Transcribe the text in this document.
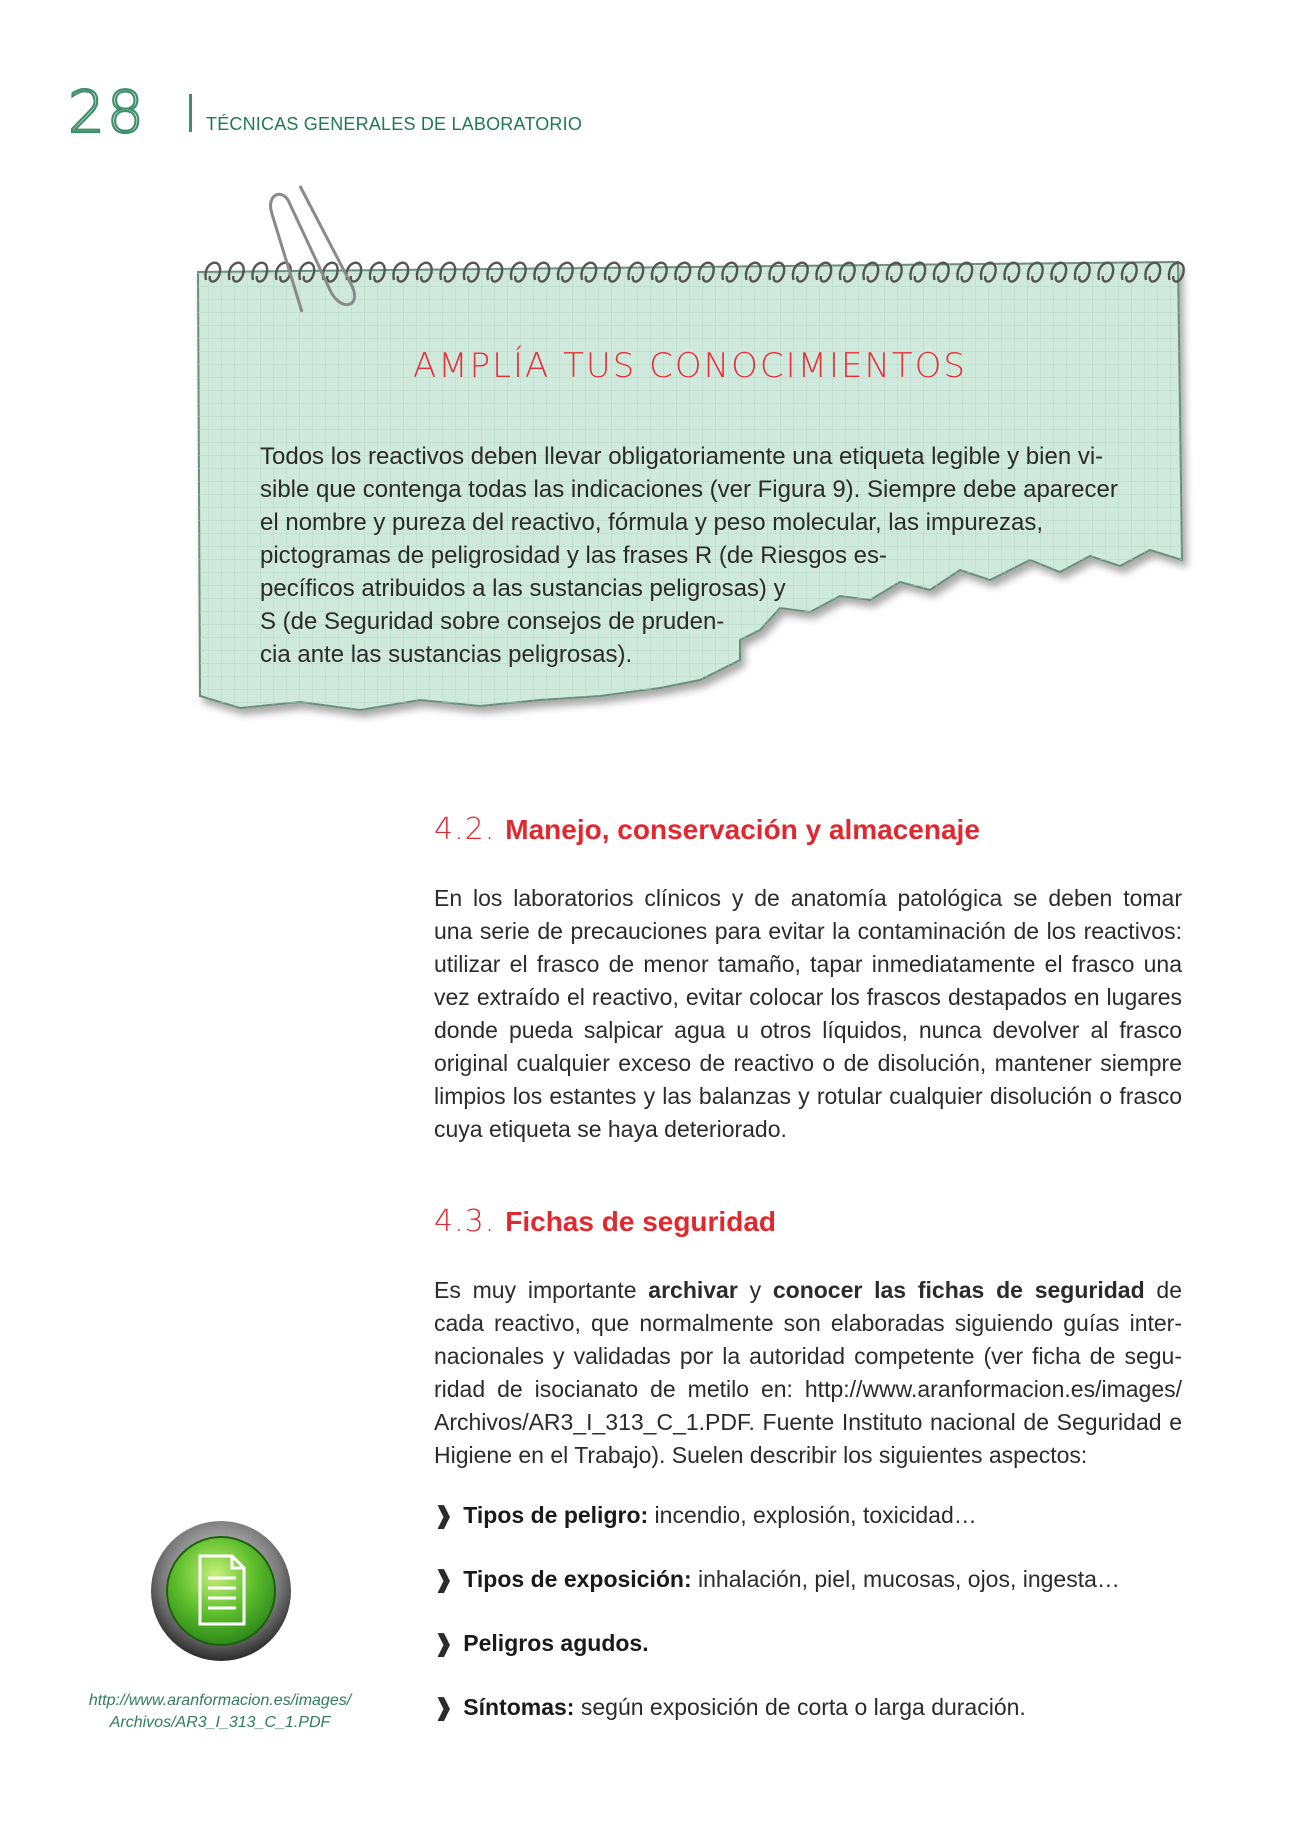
28	TÉCNICAS GENERALES DE LABORATORIO
AMPLÍA TUS CONOCIMIENTOS
Todos los reactivos deben llevar obligatoriamente una etiqueta legible y bien vi-
sible que contenga todas las indicaciones (ver Figura 9). Siempre debe aparecer
el nombre y pureza del reactivo, fórmula y peso molecular, las impurezas,
pictogramas de peligrosidad y las frases R (de Riesgos es-
pecíficos atribuidos a las sustancias peligrosas) y
S (de Seguridad sobre consejos de pruden-
cia ante las sustancias peligrosas).
4.2. Manejo, conservación y almacenaje
En los laboratorios clínicos y de anatomía patológica se deben tomar
una serie de precauciones para evitar la contaminación de los reactivos:
utilizar el frasco de menor tamaño, tapar inmediatamente el frasco una
vez extraído el reactivo, evitar colocar los frascos destapados en lugares
donde pueda salpicar agua u otros líquidos, nunca devolver al frasco
original cualquier exceso de reactivo o de disolución, mantener siempre
limpios los estantes y las balanzas y rotular cualquier disolución o frasco
cuya etiqueta se haya deteriorado.
4.3. Fichas de seguridad
Es muy importante archivar y conocer las fichas de seguridad de
cada reactivo, que normalmente son elaboradas siguiendo guías inter-
nacionales y validadas por la autoridad competente (ver ficha de segu-
ridad de isocianato de metilo en: http://www.aranformacion.es/images/
Archivos/AR3_I_313_C_1.PDF. Fuente Instituto nacional de Seguridad e
Higiene en el Trabajo). Suelen describir los siguientes aspectos:
❱ Tipos de peligro: incendio, explosión, toxicidad…
❱ Tipos de exposición: inhalación, piel, mucosas, ojos, ingesta…
❱ Peligros agudos.
❱ Síntomas: según exposición de corta o larga duración.
http://www.aranformacion.es/images/
Archivos/AR3_I_313_C_1.PDF
